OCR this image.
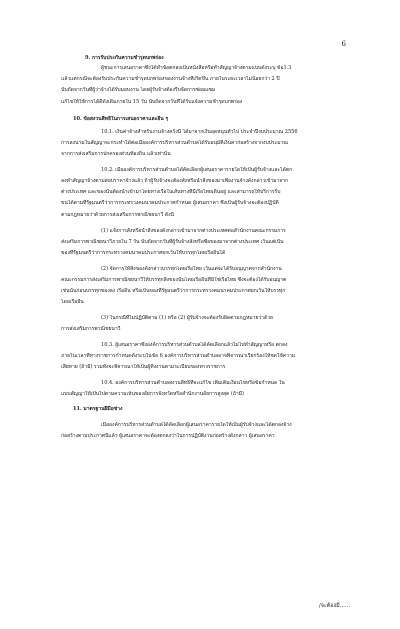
6
9. การรับประกันความชำรุดบกพร่อง
ผู้ชนะการเสนอราคาซึ่งได้ทำข้อตกลงเป็นหนังสือหรือทำสัญญาจ้างตามแบบดังระบุ ข้อ1.3
แล้วแต่กรณีจะต้องรับประกันความชำรุดบกพร่องของงานจ้างที่เกิดขึ้น ภายในระยะเวลาไม่น้อยกว่า 2 ปี
นับถัดจากวันที่ผู้ว่าจ้างได้รับมอบงาน โดยผู้รับจ้างต้องรีบจัดการซ่อมแซม
แก้ไขให้ใช้การได้ดีดังเดิมภายใน 15 วัน นับถัดจากวันที่ได้รับแจ้งความชำรุดบกพร่อง
10. ข้อสงวนสิทธิในการเสนอราคาและอื่น ๆ
10.1. เงินค่าจ้างสำหรับงานจ้างครั้งนี้ ได้มาจากเงินอุดหนุนทั่วไป ประจำปีงบประมาณ 2556
การลงนามในสัญญาจะกระทำได้ต่อเมื่อองค์การบริหารส่วนตำบลได้รับอนุมัติเงินค่าก่อสร้างจากงบประมาณ
จากการส่งเสริมการปกครองส่วนท้องถิ่น แล้วเท่านั้น
10.2. เมื่อองค์การบริหารส่วนตำบลได้คัดเลือกผู้เสนอราคารายใดให้เป็นผู้รับจ้างและได้ตก
ลงทำสัญญาจ้างตามสอบราคาจ้างแล้ว ถ้าผู้รับจ้างจะต้องสั่งหรือนำสิ่งของมาเพื่องานจ้างดังกล่าวเข้ามาจาก
ต่างประเทศ และของนั้นต้องนำเข้ามาโดยทางเรือในเส้นทางที่มีเรือไทยเดินอยู่ และสามารถให้บริการรับ
ขนได้ตามที่รัฐมนตรีว่าการกระทรวงคมนาคมประกาศกำหนด ผู้เสนอราคา ซึ่งเป็นผู้รับจ้างจะต้องปฏิบัติ
ตามกฎหมายว่าด้วยการส่งเสริมการพาณิชยนาวี ดังนี้
(1) แจ้งการสั่งหรือนำสิ่งของดังกล่าวเข้ามาจากต่างประเทศต่อสำนักงานคณะกรรมการ
ส่งเสริมการพาณิชยนาวีภายใน 7 วัน นับถัดจากวันที่ผู้รับจ้างสั่งหรือซื้อของมาจากต่างประเทศ เว้นแต่เป็น
ของที่รัฐมนตรีว่าการกระทรวงคมนาคมประกาศยกเว้นให้บรรทุกโดยเรืออื่นได้
(2) จัดการให้สิ่งของดังกล่าวบรรทุกโดยเรือไทย เว้นแต่จะได้รับอนุญาตจากสำนักงาน
คณะกรรมการส่งเสริมการพาณิชยนาวีให้บรรทุกสิ่งของนั้นโดยเรืออื่นที่มิใช่เรือไทย ซึ่งจะต้องได้รับอนุญาต
เช่นนั้นก่อนบรรทุกของลง เรืออื่น หรือเป็นของที่รัฐมนตรีว่าการกระทรวงคมนาคมประกาศยกเว้นให้บรรทุก
โดยเรืออื่น
(3) ในกรณีที่ไม่ปฏิบัติตาม (1) หรือ (2) ผู้รับจ้างจะต้องรับผิดตามกฎหมายว่าด้วย
การส่งเสริมการพาณิชยนาวี
10.3. ผู้เสนอราคาซึ่งองค์การบริหารส่วนตำบลได้คัดเลือกแล้วไม่ไปทำสัญญาหรือ ตกลง
ภายในเวลาที่ทางราชการกำหนดดังระบุในข้อ 6 องค์การบริหารส่วนตำบลอาจพิจารณาเรียกร้องให้ชดใช้ความ
เสียหาย (ถ้ามี) รวมทั้งจะพิจารณาให้เป็นผู้ทิ้งงานตามระเบียบของทางราชการ
10.4. องค์การบริหารส่วนตำบลสงวนสิทธิ์ที่จะแก้ไข เพิ่มเติมเงื่อนไขหรือข้อกำหนด ใน
แบบสัญญาให้เป็นไปตามความเห็นของอัยการจังหวัดหรือสำนักงานอัยการสูงสุด (ถ้ามี)
11. มาตรฐานฝีมือช่าง
เมื่อองค์การบริหารส่วนตำบลได้คัดเลือกผู้เสนอราคารายใดให้เป็นผู้รับจ้างและได้ตกลงจ้าง
ก่อสร้างตามประกาศนี้แล้ว ผู้เสนอราคาจะต้องตกลงว่าในการปฏิบัติงานก่อสร้างดังกล่าว ผู้เสนอราคา
/จะต้องมี......
